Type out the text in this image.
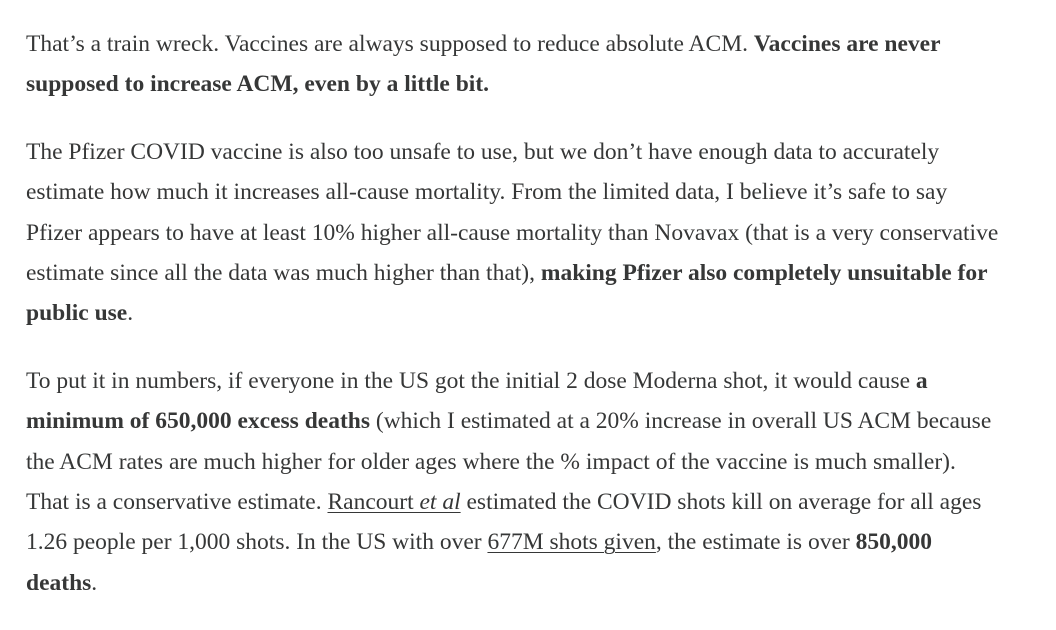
That’s a train wreck. Vaccines are always supposed to reduce absolute ACM. Vaccines are never supposed to increase ACM, even by a little bit.

The Pfizer COVID vaccine is also too unsafe to use, but we don’t have enough data to accurately estimate how much it increases all-cause mortality. From the limited data, I believe it’s safe to say Pfizer appears to have at least 10% higher all-cause mortality than Novavax (that is a very conservative estimate since all the data was much higher than that), making Pfizer also completely unsuitable for public use.

To put it in numbers, if everyone in the US got the initial 2 dose Moderna shot, it would cause a minimum of 650,000 excess deaths (which I estimated at a 20% increase in overall US ACM because the ACM rates are much higher for older ages where the % impact of the vaccine is much smaller). That is a conservative estimate. Rancourt et al estimated the COVID shots kill on average for all ages 1.26 people per 1,000 shots. In the US with over 677M shots given, the estimate is over 850,000 deaths.
